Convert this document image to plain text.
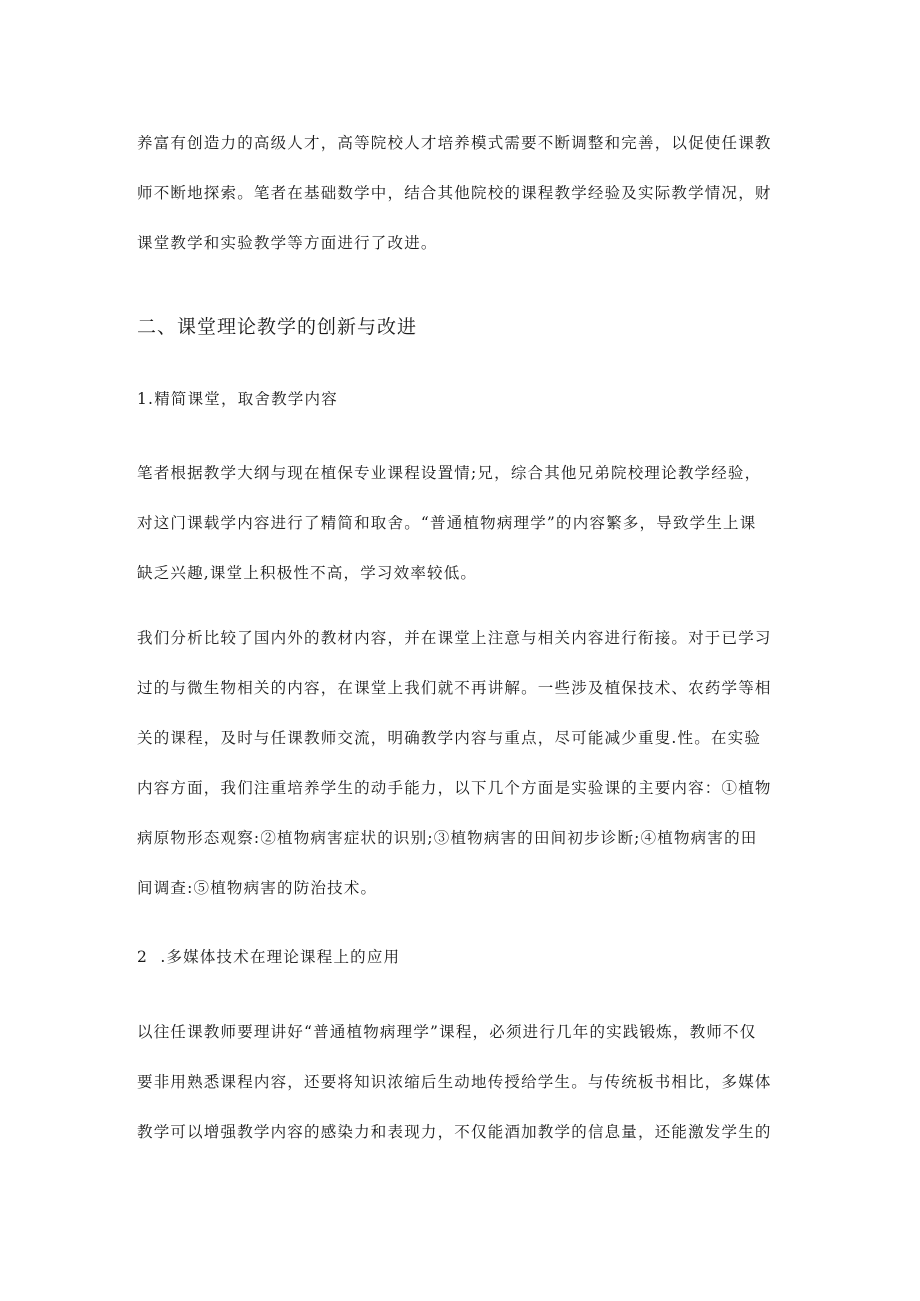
养富有创造力的高级人才，高等院校人才培养模式需要不断调整和完善，以促使任课教
师不断地探索。笔者在基础数学中，结合其他院校的课程教学经验及实际教学情况，财
课堂教学和实验教学等方面进行了改进。

二、课堂理论教学的创新与改进
1.精简课堂，取舍教学内容

笔者根据教学大纲与现在植保专业课程设置情;兄，综合其他兄弟院校理论教学经验，
对这门课载学内容进行了精简和取舍。“普通植物病理学”的内容繁多，导致学生上课
缺乏兴趣,课堂上积极性不高，学习效率较低。

我们分析比较了国内外的教材内容，并在课堂上注意与相关内容进行衔接。对于已学习
过的与微生物相关的内容，在课堂上我们就不再讲解。一些涉及植保技术、农药学等相
关的课程，及时与任课教师交流，明确教学内容与重点，尽可能减少重叟.性。在实验
内容方面，我们注重培养学生的动手能力，以下几个方面是实验课的主要内容：①植物
病原物形态观察:②植物病害症状的识别;③植物病害的田间初步诊断;④植物病害的田
间调查:⑤植物病害的防治技术。

2  .多媒体技术在理论课程上的应用

以往任课教师要理讲好“普通植物病理学”课程，必须进行几年的实践锻炼，教师不仅
要非用熟悉课程内容，还要将知识浓缩后生动地传授给学生。与传统板书相比，多媒体
教学可以增强教学内容的感染力和表现力，不仅能酒加教学的信息量，还能激发学生的
